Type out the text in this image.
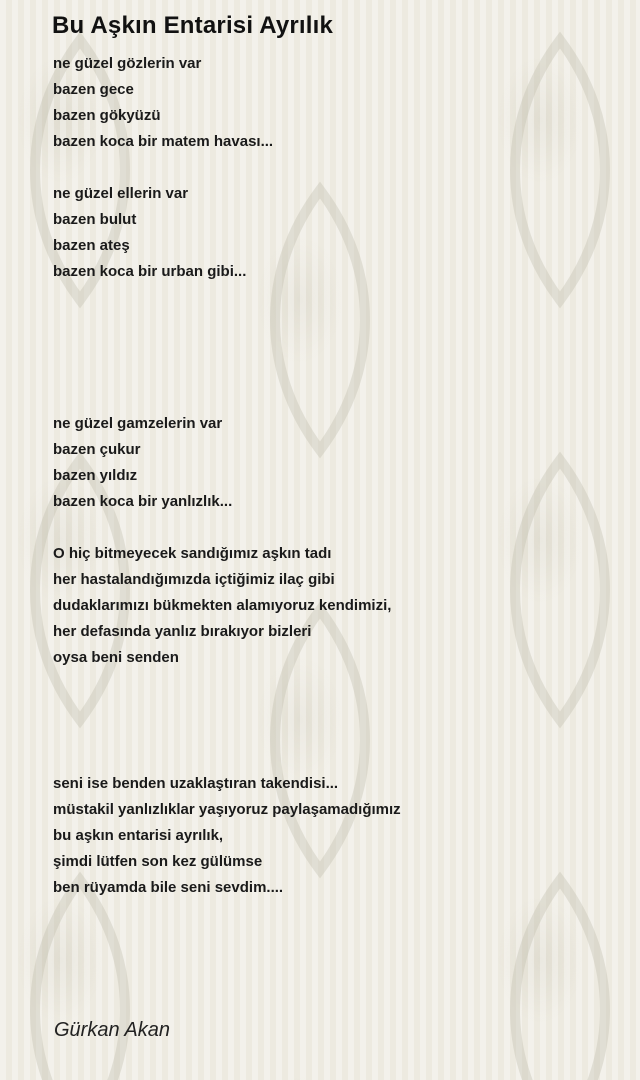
Bu Aşkın Entarisi Ayrılık
ne güzel gözlerin var
bazen gece
bazen gökyüzü
bazen koca bir matem havası...
ne güzel ellerin var
bazen bulut
bazen ateş
bazen koca bir urban gibi...
ne güzel gamzelerin var
bazen çukur
bazen yıldız
bazen koca bir yanlızlık...
O hiç bitmeyecek sandığımız aşkın tadı
her hastalandığımızda içtiğimiz ilaç gibi
dudaklarımızı bükmekten alamıyoruz kendimizi,
her defasında yanlız bırakıyor bizleri
oysa beni senden
seni ise benden uzaklaştıran takendisi...
müstakil yanlızlıklar yaşıyoruz paylaşamadığımız
bu aşkın entarisi ayrılık,
şimdi lütfen son kez gülümse
ben rüyamda bile seni sevdim....

Gürkan Akan
